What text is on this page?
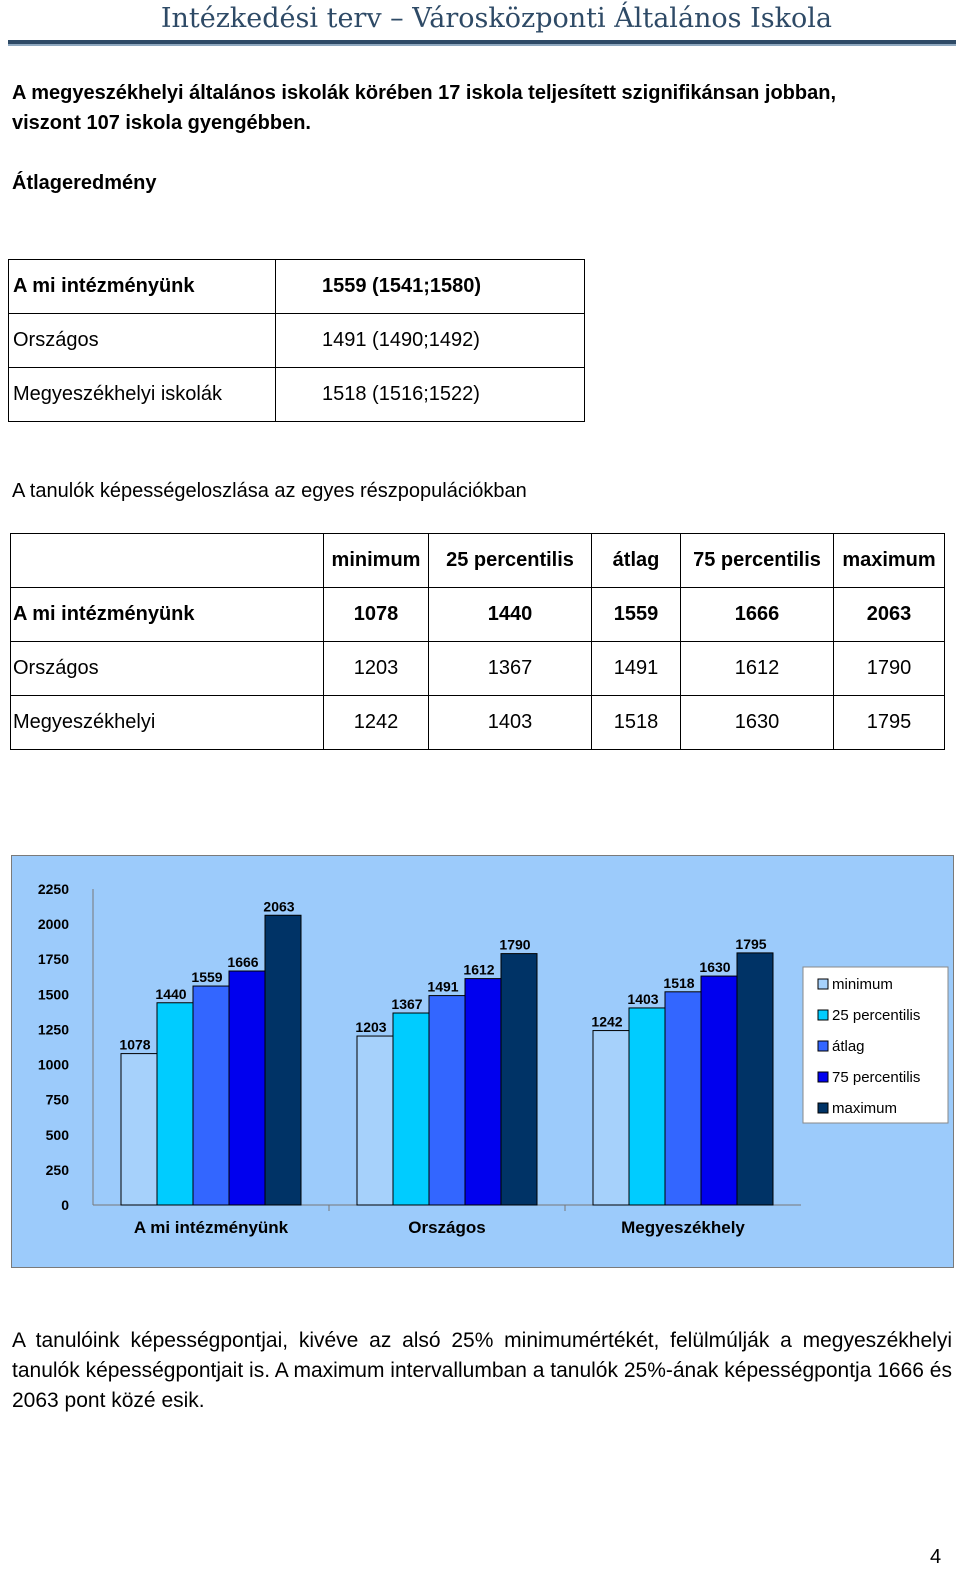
Intézkedési terv – Városközponti Általános Iskola
A megyeszékhelyi általános iskolák körében 17 iskola teljesített szignifikánsan jobban,
viszont 107 iskola gyengébben.
Átlageredmény
A mi intézményünk	1559 (1541;1580)
Országos	1491 (1490;1492)
Megyeszékhelyi iskolák	1518 (1516;1522)
A tanulók képességeloszlása az egyes részpopulációkban
	minimum	25 percentilis	átlag	75 percentilis	maximum
A mi intézményünk	1078	1440	1559	1666	2063
Országos	1203	1367	1491	1612	1790
Megyeszékhelyi	1242	1403	1518	1630	1795
2250
2000
1750
1500
1250
1000
750
500
250
0
1078
1440
1559
1666
2063
A mi intézményünk
1203
1367
1491
1612
1790
Országos
1242
1403
1518
1630
1795
Megyeszékhely
minimum
25 percentilis
átlag
75 percentilis
maximum
A tanulóink képességpontjai, kivéve az alsó 25% minimumértékét, felülmúlják a megyeszékhelyi tanulók képességpontjait is. A maximum intervallumban a tanulók 25%-ának képességpontja 1666 és 2063 pont közé esik.
4
